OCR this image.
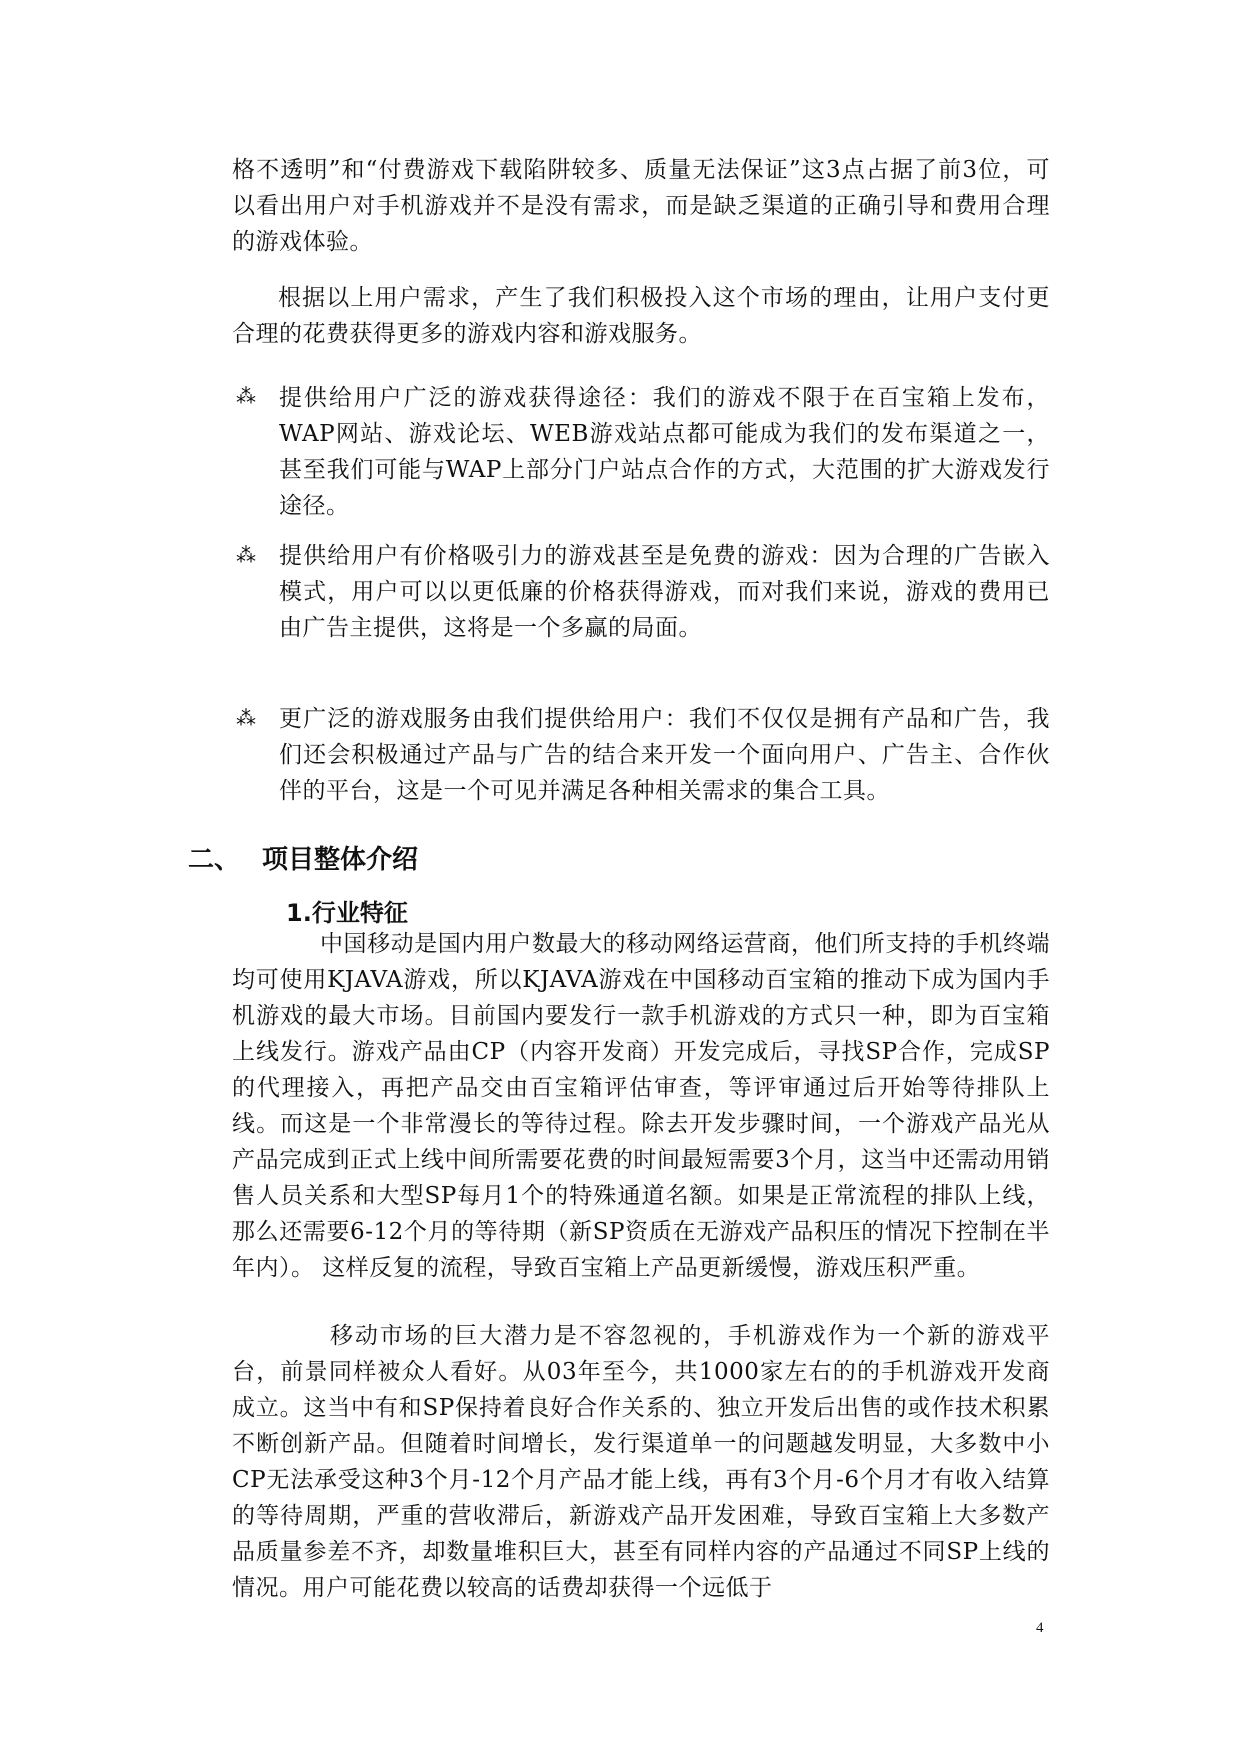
格不透明”和“付费游戏下载陷阱较多、质量无法保证”这3点占据了前3位，可以看出用户对手机游戏并不是没有需求，而是缺乏渠道的正确引导和费用合理的游戏体验。

根据以上用户需求，产生了我们积极投入这个市场的理由，让用户支付更合理的花费获得更多的游戏内容和游戏服务。

⁂ 提供给用户广泛的游戏获得途径：我们的游戏不限于在百宝箱上发布，WAP网站、游戏论坛、WEB游戏站点都可能成为我们的发布渠道之一，甚至我们可能与WAP上部分门户站点合作的方式，大范围的扩大游戏发行途径。

⁂ 提供给用户有价格吸引力的游戏甚至是免费的游戏：因为合理的广告嵌入模式，用户可以以更低廉的价格获得游戏，而对我们来说，游戏的费用已由广告主提供，这将是一个多赢的局面。

⁂ 更广泛的游戏服务由我们提供给用户：我们不仅仅是拥有产品和广告，我们还会积极通过产品与广告的结合来开发一个面向用户、广告主、合作伙伴的平台，这是一个可见并满足各种相关需求的集合工具。

二、 项目整体介绍
1.行业特征

中国移动是国内用户数最大的移动网络运营商，他们所支持的手机终端均可使用KJAVA游戏，所以KJAVA游戏在中国移动百宝箱的推动下成为国内手机游戏的最大市场。目前国内要发行一款手机游戏的方式只一种，即为百宝箱上线发行。游戏产品由CP（内容开发商）开发完成后，寻找SP合作，完成SP的代理接入，再把产品交由百宝箱评估审查，等评审通过后开始等待排队上线。而这是一个非常漫长的等待过程。除去开发步骤时间，一个游戏产品光从产品完成到正式上线中间所需要花费的时间最短需要3个月，这当中还需动用销售人员关系和大型SP每月1个的特殊通道名额。如果是正常流程的排队上线，那么还需要6-12个月的等待期（新SP资质在无游戏产品积压的情况下控制在半年内）。 这样反复的流程，导致百宝箱上产品更新缓慢，游戏压积严重。

移动市场的巨大潜力是不容忽视的，手机游戏作为一个新的游戏平台，前景同样被众人看好。从03年至今，共1000家左右的的手机游戏开发商成立。这当中有和SP保持着良好合作关系的、独立开发后出售的或作技术积累不断创新产品。但随着时间增长，发行渠道单一的问题越发明显，大多数中小CP无法承受这种3个月-12个月产品才能上线，再有3个月-6个月才有收入结算的等待周期，严重的营收滞后，新游戏产品开发困难，导致百宝箱上大多数产品质量参差不齐，却数量堆积巨大，甚至有同样内容的产品通过不同SP上线的情况。用户可能花费以较高的话费却获得一个远低于

4
